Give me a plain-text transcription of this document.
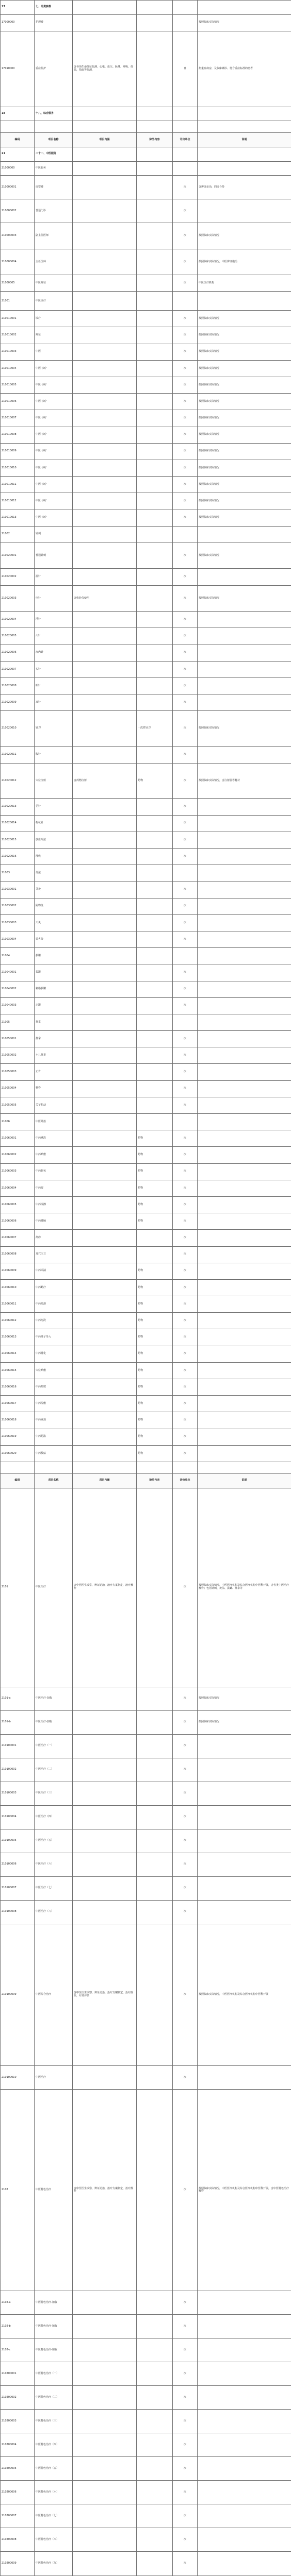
17	七、计费参数				
17000000	护理费				按照临床实际情况
17010000	重症监护	含各项生命体征监测，心电、血压、脉搏、呼吸、体温，指血等监测，		日	指重症病房，及临床确诊、符合重症标准的患者
18	十八、综合服务				

编码	项目名称	项目内涵	除外内容	计价单位	说明
21	二十一、中医服务				
21000000	中医服务				
210000001	诊察费			次	含辨证论治，四诊合参
210000002	普通门诊			次	
210000003	副主任医师			次	按照临床实际情况
210000004	主任医师			次	按照临床实际情况，中医辨证施治
21000005	中医辨证			次	中医医疗机构
21001	中医诊疗				
210010001	诊疗			次	按照临床实际情况
210010002	辨证			次	按照临床实际情况
210010003	中医			次	按照临床实际情况
210010004	中医·诊疗			次	按照临床实际情况
210010005	中医·诊疗			次	按照临床实际情况
210010006	中医·诊疗			次	按照临床实际情况
210010007	中医·诊疗			次	按照临床实际情况
210010008	中医·诊疗			次	按照临床实际情况
210010009	中医·诊疗			次	按照临床实际情况
210010010	中医·诊疗			次	按照临床实际情况
210010011	中医·诊疗			次	按照临床实际情况
210010012	中医·诊疗			次	按照临床实际情况
210010013	中医·诊疗			次	按照临床实际情况
21002	针刺				
210020001	普通针刺			次	按照临床实际情况
210020002	温针			次	
210020003	电针	含电针仪使用		次	按照临床实际情况
210020004	浮针			次	
210020005	火针			次	
210020006	皮内针			次	
210020007	头针			次	
210020008	眼针			次	
210020009	耳针			次	
210020010	针刀		一次性针刀	次	按照临床实际情况
210020011	腹针			次	
210020012	穴位注射	含药物注射	药物	次	按照临床实际情况，含注射器等耗材
210020013	芒针			次	
210020014	梅花针			次	
210020015	放血疗法			次	
210020016	埋线			次	
21003	灸法				
210030001	艾灸			次	
210030002	隔物灸			次	
210030003	天灸			次	
210030004	雷火灸			次	
21004	拔罐				
210040001	拔罐			次	
210040002	刺络拔罐			次	
210040003	走罐			次	
21005	推拿				
210050001	推拿			次	
210050002	小儿推拿			次	
210050003	正骨			次	
210050004	整脊			次	
210050005	关节松动			次	
21006	中医外治				
210060001	中药熏洗		药物	次	
210060002	中药贴敷		药物	次	
210060003	中药封包		药物	次	
210060004	中药熨		药物	次	
210060005	中药涂擦		药物	次	
210060006	中药灌肠		药物	次	
210060007	刮痧			次	
210060008	耳穴压豆			次	
210060009	中药塌渍		药物	次	
210060010	中药蜡疗		药物	次	
210060011	中药足浴		药物	次	
210060012	中药泡洗		药物	次	
210060013	中药离子导入		药物	次	
210060014	中药雾化		药物	次	
210060015	穴位贴敷		药物	次	
210060016	中药热熨		药物	次	
210060017	中药湿敷		药物	次	
210060018	中药熏蒸		药物	次	
210060019	中药药浴		药物	次	
210060020	中药敷贴		药物	次	

编码	项目名称	项目内涵	除外内容	计价单位	说明
2101	中医治疗	含中医医生诊察，辨证论治，治疗方案制定，治疗操作		次	按照临床实际情况，中医医疗机构及综合医疗机构中医科开展，含各类中医治疗操作；包括针刺、灸法、拔罐、推拿等
2101-a	中医治疗-加收			次	按照临床实际情况
2101-b	中医治疗-加收			次	按照临床实际情况
210100001	中医治疗（一）			次	
210100002	中医治疗（二）			次	
210100003	中医治疗（三）			次	
210100004	中医治疗（四）			次	
210100005	中医治疗（五）			次	
210100006	中医治疗（六）			次	
210100007	中医治疗（七）			次	
210100008	中医治疗（八）			次	
210100009	中医综合治疗	含中医医生诊察，辨证论治，治疗方案制定，治疗操作，疗效评估		次	按照临床实际情况，中医医疗机构及综合医疗机构中医科开展
210100010	中医治疗			次	
2102	中医特色治疗	含中医医生诊察，辨证论治，治疗方案制定，治疗操作		次	按照临床实际情况，中医医疗机构及综合医疗机构中医科开展，含中医特色治疗操作
2102-a	中医特色治疗-加收			次	
2102-b	中医特色治疗-加收			次	
2102-c	中医特色治疗-加收			次	
210200001	中医特色治疗（一）			次	
210200002	中医特色治疗（二）			次	
210200003	中医特色治疗（三）			次	
210200004	中医特色治疗（四）			次	
210200005	中医特色治疗（五）			次	
210200006	中医特色治疗（六）			次	
210200007	中医特色治疗（七）			次	
210200008	中医特色治疗（八）			次	
210200009	中医特色治疗（九）			次	
